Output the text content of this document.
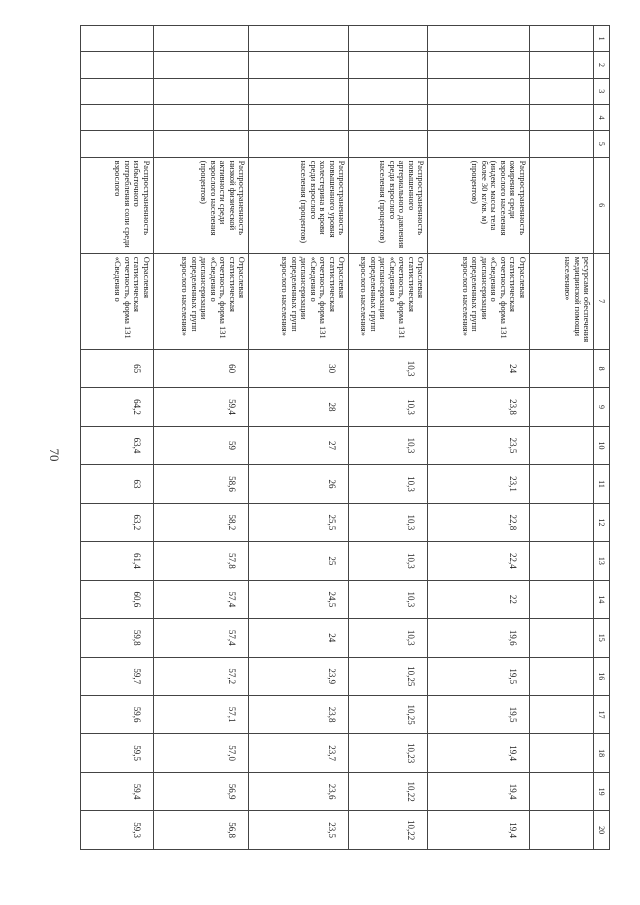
70
1	2	3	4	5	6	7	8	9	10	11	12	13	14	15	16	17	18	19	20
						ресурсами обеспечения медицинской помощи населению»													
					Распространенность ожирения среди взрослого населения (индекс массы тела более 30 кг/кв. м) (процентов)	Отраслевая статистическая отчетность, форма 131 «Сведения о диспансеризации определенных групп взрослого населения»	24	23,8	23,5	23,1	22,8	22,4	22	19,6	19,5	19,5	19,4	19,4	19,4
					Распространенность повышенного артериального давления среди взрослого населения (процентов)	Отраслевая статистическая отчетность, форма 131 «Сведения о диспансеризации определенных групп взрослого населения»	10,3	10,3	10,3	10,3	10,3	10,3	10,3	10,3	10,25	10,25	10,23	10,22	10,22
					Распространенность повышенного уровня холестерина в крови среди взрослого населения (процентов)	Отраслевая статистическая отчетность, форма 131 «Сведения о диспансеризации определенных групп взрослого населения»	30	28	27	26	25,5	25	24,5	24	23,9	23,8	23,7	23,6	23,5
					Распространенность низкой физической активности среди взрослого населения (процентов)	Отраслевая статистическая отчетность, форма 131 «Сведения о диспансеризации определенных групп взрослого населения»	60	59,4	59	58,6	58,2	57,8	57,4	57,4	57,2	57,1	57,0	56,9	56,8
					Распространенность избыточного потребления соли среди взрослого	Отраслевая статистическая отчетность, форма 131 «Сведения о	65	64,2	63,4	63	63,2	61,4	60,6	59,8	59,7	59,6	59,5	59,4	59,3
